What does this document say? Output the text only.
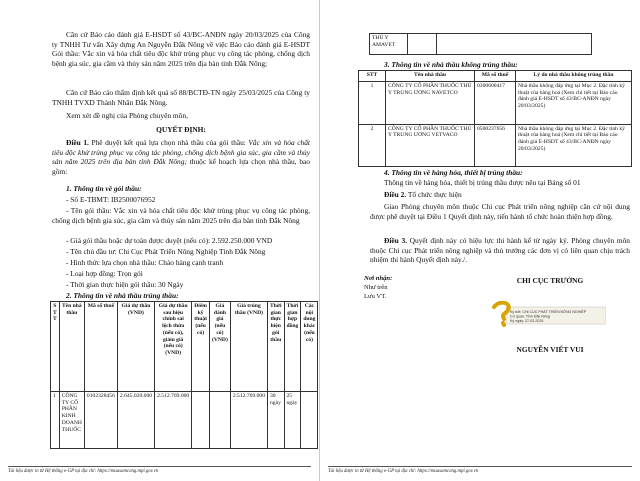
Căn cứ Báo cáo đánh giá E-HSDT số 43/BC-ANĐN ngày 20/03/2025 của Công ty TNHH Tư vấn Xây dựng An Nguyễn Đắk Nông về việc Báo cáo đánh giá E-HSDT Gói thầu: Vắc xin và hóa chất tiêu độc khử trùng phục vụ công tác phòng, chống dịch bệnh gia súc, gia cầm và thủy sản năm 2025 trên địa bàn tỉnh Đắk Nông;
Căn cứ Báo cáo thẩm định kết quả số 88/BCTĐ-TN ngày 25/03/2025 của Công ty TNHH TVXD Thành Nhân Đắk Nông.
Xem xét đề nghị của Phòng chuyên môn,
QUYẾT ĐỊNH:
Điều 1. Phê duyệt kết quả lựa chọn nhà thầu của gói thầu: Vắc xin và hóa chất tiêu độc khử trùng phục vụ công tác phòng, chống dịch bệnh gia súc, gia cầm và thủy sản năm 2025 trên địa bàn tỉnh Đắk Nông; thuộc kế hoạch lựa chọn nhà thầu, bao gồm:
1. Thông tin về gói thầu:
- Số E-TBMT: IB2500076952
- Tên gói thầu: Vắc xin và hóa chất tiêu độc khử trùng phục vụ công tác phòng, chống dịch bệnh gia súc, gia cầm và thủy sản năm 2025 trên địa bàn tỉnh Đắk Nông
- Giá gói thầu hoặc dự toán được duyệt (nếu có): 2.592.250.000 VND
- Tên chủ đầu tư: Chi Cục Phát Triển Nông Nghiệp Tỉnh Đắk Nông
- Hình thức lựa chọn nhà thầu: Chào hàng cạnh tranh
- Loại hợp đồng: Trọn gói
- Thời gian thực hiện gói thầu: 30 Ngày
2. Thông tin về nhà thầu trúng thầu:
S T T	Tên nhà thầu	Mã số thuế	Giá dự thầu (VND)	Giá dự thầu sau hiệu chỉnh sai lệch thừa (nếu có), giảm giá (nếu có) (VND)	Điểm kỹ thuật (nếu có)	Giá đánh giá (nếu có) (VND)	Giá trúng thầu (VND)	Thời gian thực hiện gói thầu	Thời gian hợp đồng	Các nội dung khác (nếu có)
1	CÔNG TY CỔ PHẦN KINH DOANH THUỐC	0102328456	2.645.020.000	2.512.769.000			2.512.769.000	30 ngày	25 ngày	
Tài liệu được in từ Hệ thống e-GP tại địa chỉ: https://muasamcong.mpi.gov.vn
THÚ Y AMAVET		
3. Thông tin về nhà thầu không trúng thầu:
STT	Tên nhà thầu	Mã số thuế	Lý do nhà thầu không trúng thầu
1	CÔNG TY CỔ PHẦN THUỐC THÚ Y TRUNG ƯƠNG NAVETCO	0300600417	Nhà thầu không đáp ứng tại Mục 2. Đặc tính kỹ thuật của hàng hoá (Xem chi tiết tại Báo cáo đánh giá E-HSDT số 43/BC-ANĐN ngày 20/03/2025)
2	CÔNG TY CỔ PHẦN THUỐC THÚ Y TRUNG ƯƠNG VETVACO	0500237656	Nhà thầu không đáp ứng tại Mục 2. Đặc tính kỹ thuật của hàng hoá (Xem chi tiết tại Báo cáo đánh giá E-HSDT số 43/BC-ANĐN ngày 20/03/2025)
4. Thông tin về hàng hóa, thiết bị trúng thầu:
Thông tin về hàng hóa, thiết bị trúng thầu được nêu tại Bảng số 01
Điều 2. Tổ chức thực hiện
Giao Phòng chuyên môn thuộc Chi cục Phát triển nông nghiệp căn cứ nội dung được phê duyệt tại Điều 1 Quyết định này, tiến hành tổ chức hoàn thiện hợp đồng.
Điều 3. Quyết định này có hiệu lực thi hành kể từ ngày ký. Phòng chuyên môn thuộc Chi cục Phát triển nông nghiệp và thủ trưởng các đơn vị có liên quan chịu trách nhiệm thi hành Quyết định này./.
Nơi nhận:
Như trên
Lưu VT.
CHI CỤC TRƯỞNG
Ký bởi: CHI CỤC PHÁT TRIỂN NÔNG NGHIỆP
Cơ quan: Tỉnh Đắk Nông
Ký ngày: 27-03-2025
NGUYỄN VIẾT VUI
Tài liệu được in từ Hệ thống e-GP tại địa chỉ: https://muasamcong.mpi.gov.vn
